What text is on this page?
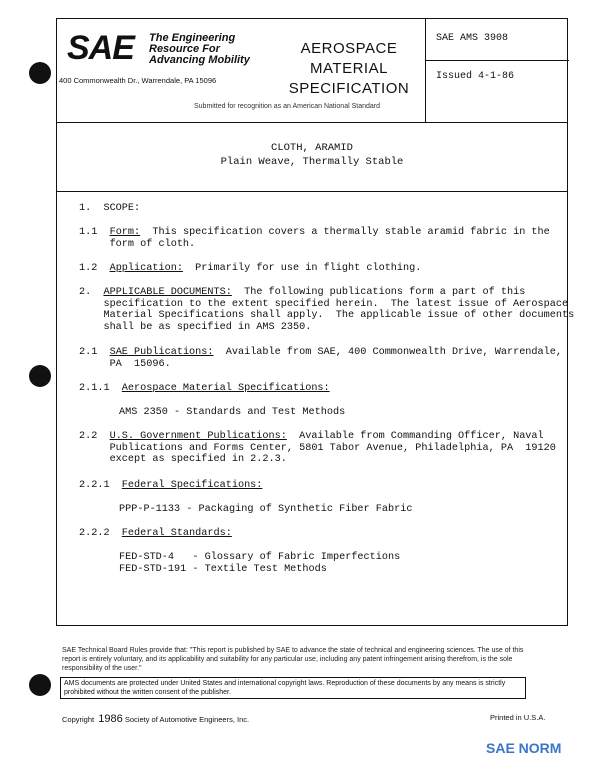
SAE The Engineering
Resource For
Advancing Mobility
400 Commonwealth Dr., Warrendale, PA 15096
AEROSPACE
MATERIAL
SPECIFICATION
Submitted for recognition as an American National Standard
SAE AMS 3908
Issued 4-1-86
CLOTH, ARAMID
Plain Weave, Thermally Stable
1.  SCOPE:
1.1  Form:  This specification covers a thermally stable aramid fabric in the
form of cloth.
1.2  Application:  Primarily for use in flight clothing.
2.  APPLICABLE DOCUMENTS:  The following publications form a part of this
specification to the extent specified herein.  The latest issue of Aerospace
Material Specifications shall apply.  The applicable issue of other documents
shall be as specified in AMS 2350.
2.1  SAE Publications:  Available from SAE, 400 Commonwealth Drive, Warrendale,
PA  15096.
2.1.1  Aerospace Material Specifications:
AMS 2350 - Standards and Test Methods
2.2  U.S. Government Publications:  Available from Commanding Officer, Naval
Publications and Forms Center, 5801 Tabor Avenue, Philadelphia, PA  19120
except as specified in 2.2.3.
2.2.1  Federal Specifications:
PPP-P-1133 - Packaging of Synthetic Fiber Fabric
2.2.2  Federal Standards:
FED-STD-4   - Glossary of Fabric Imperfections
FED-STD-191 - Textile Test Methods
SAE Technical Board Rules provide that: "This report is published by SAE to advance the state of technical and engineering sciences. The use of this report is entirely voluntary, and its applicability and suitability for any particular use, including any patent infringement arising therefrom, is the sole responsibility of the user."
AMS documents are protected under United States and international copyright laws. Reproduction of these documents by any means is strictly prohibited without the written consent of the publisher.
Copyright 1986 Society of Automotive Engineers, Inc.	Printed in U.S.A.
SAE NORM
